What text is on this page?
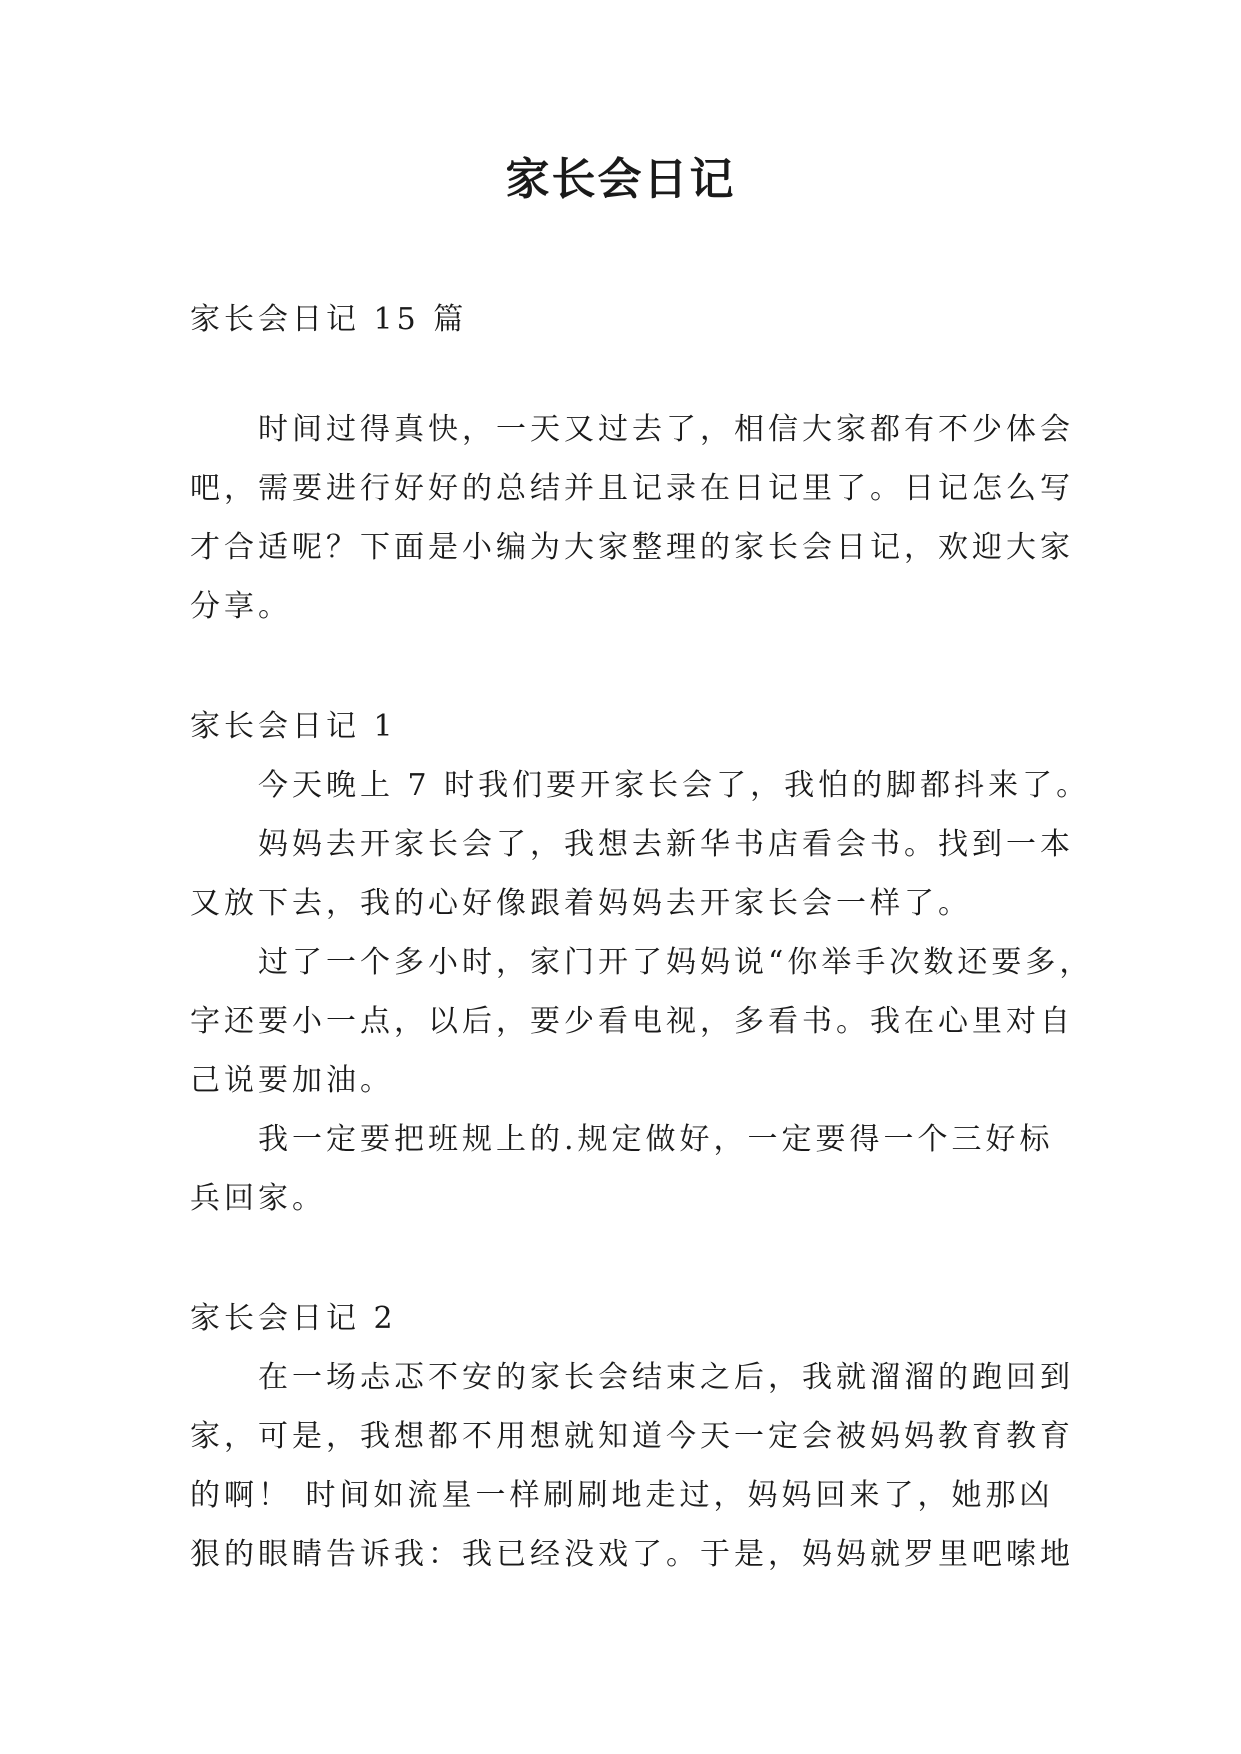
家长会日记
家长会日记 15 篇
时间过得真快，一天又过去了，相信大家都有不少体会
吧，需要进行好好的总结并且记录在日记里了。日记怎么写
才合适呢？下面是小编为大家整理的家长会日记，欢迎大家
分享。
家长会日记 1
今天晚上 7 时我们要开家长会了，我怕的脚都抖来了。
妈妈去开家长会了，我想去新华书店看会书。找到一本
又放下去，我的心好像跟着妈妈去开家长会一样了。
过了一个多小时，家门开了妈妈说“你举手次数还要多，
字还要小一点，以后，要少看电视，多看书。我在心里对自
己说要加油。
我一定要把班规上的.规定做好，一定要得一个三好标
兵回家。
家长会日记 2
在一场忐忑不安的家长会结束之后，我就溜溜的跑回到
家，可是，我想都不用想就知道今天一定会被妈妈教育教育
的啊！ 时间如流星一样刷刷地走过，妈妈回来了，她那凶
狠的眼睛告诉我：我已经没戏了。于是，妈妈就罗里吧嗦地
